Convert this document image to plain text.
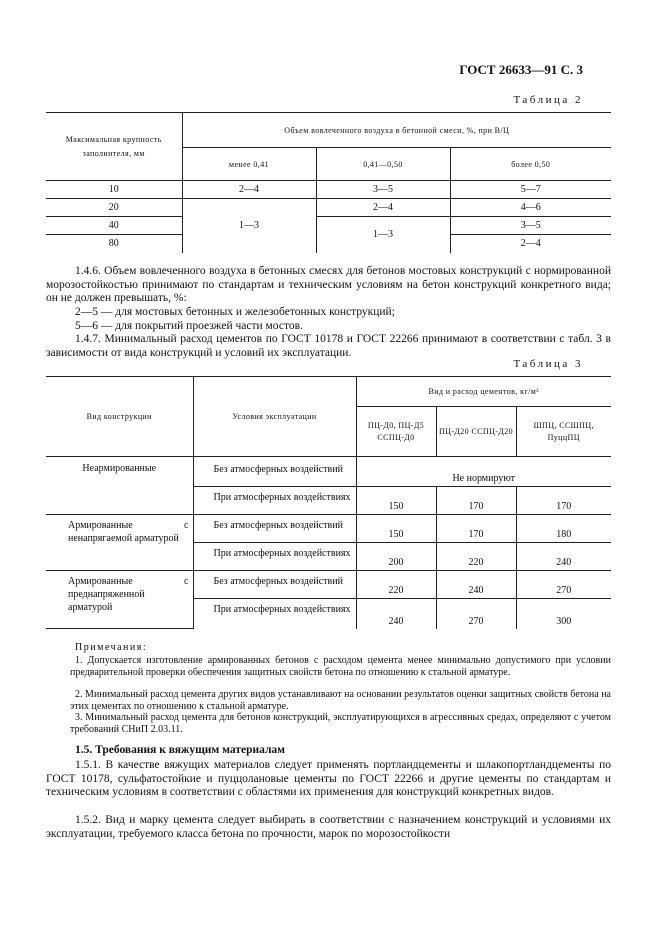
ГОСТ 26633—91 С. 3
Таблица 2
Максимальная крупность заполнителя, мм	Объем вовлеченного воздуха в бетонной смеси, %, при В/Ц		
	менее 0,41	0,41—0,50	более 0,50
10	2—4	3—5	5—7
20	1—3	2—4	4—6
40		1—3	3—5
80			2—4

1.4.6. Объем вовлеченного воздуха в бетонных смесях для бетонов мостовых конструкций с нормированной морозостойкостью принимают по стандартам и техническим условиям на бетон конструкций конкретного вида; он не должен превышать, %:

2—5 — для мостовых бетонных и железобетонных конструкций;

5—6 — для покрытий проезжей части мостов.

1.4.7. Минимальный расход цементов по ГОСТ 10178 и ГОСТ 22266 принимают в соответствии с табл. 3 в зависимости от вида конструкций и условий их эксплуатации.

Таблица 3
Вид конструкции	Условия эксплуатации	Вид и расход цементов, кг/м³		
		ПЦ-Д0, ПЦ-Д5 ССПЦ-Д0	ПЦ-Д20 ССПЦ-Д20	ШПЦ, ССШПЦ, ПуццПЦ
Неармированные	Без атмосферных воздействий	Не нормируют		
	При атмосферных воздействиях	150	170	170
Армированные с ненапрягаемой арматурой	Без атмосферных воздействий	150	170	180
	При атмосферных воздействиях	200	220	240
Армированные с преднапряженной арматурой	Без атмосферных воздействий	220	240	270
	При атмосферных воздействиях	240	270	300
Примечания:

1. Допускается изготовление армированных бетонов с расходом цемента менее минимально допустимого при условии предварительной проверки обеспечения защитных свойств бетона по отношению к стальной арматуре.

2. Минимальный расход цемента других видов устанавливают на основании результатов оценки защитных свойств бетона на этих цементах по отношению к стальной арматуре.

3. Минимальный расход цемента для бетонов конструкций, эксплуатирующихся в агрессивных средах, определяют с учетом требований СНиП 2.03.11.

1.5. Требования к вяжущим материалам

1.5.1. В качестве вяжущих материалов следует применять портландцементы и шлакопортландцементы по ГОСТ 10178, сульфатостойкие и пуццолановые цементы по ГОСТ 22266 и другие цементы по стандартам и техническим условиям в соответствии с областями их применения для конструкций конкретных видов.

1.5.2. Вид и марку цемента следует выбирать в соответствии с назначением конструкций и условиями их эксплуатации, требуемого класса бетона по прочности, марок по морозостойкости
